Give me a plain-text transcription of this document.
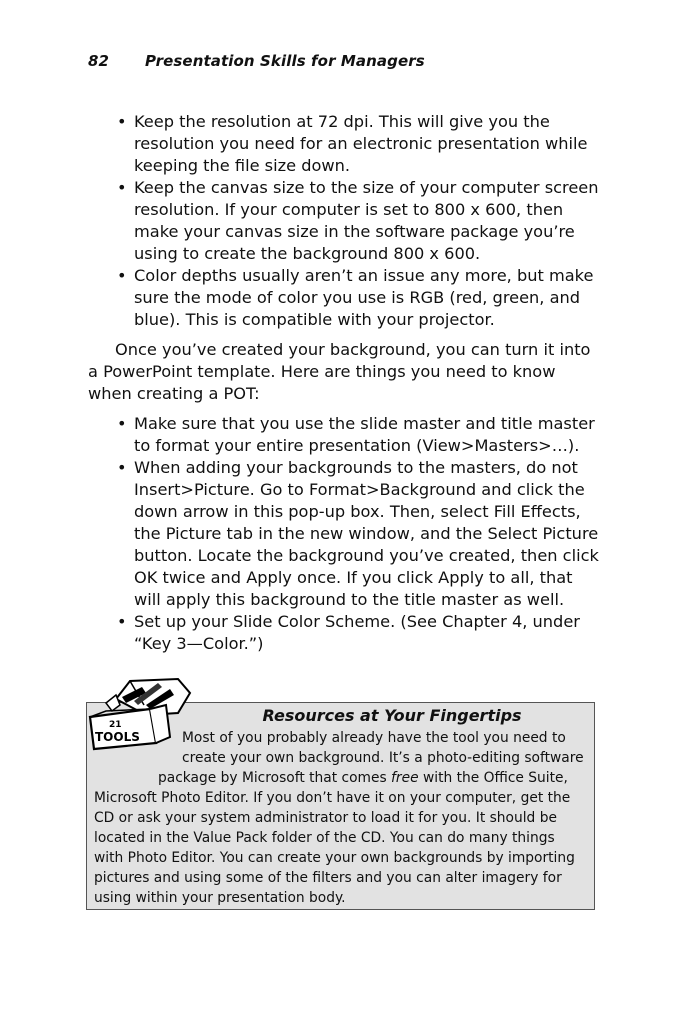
82 Presentation Skills for Managers
• Keep the resolution at 72 dpi. This will give you the resolution you need for an electronic presentation while keeping the file size down.
• Keep the canvas size to the size of your computer screen resolution. If your computer is set to 800 x 600, then make your canvas size in the software package you’re using to create the background 800 x 600.
• Color depths usually aren’t an issue any more, but make sure the mode of color you use is RGB (red, green, and blue). This is compatible with your projector.

Once you’ve created your background, you can turn it into a PowerPoint template. Here are things you need to know when creating a POT:

• Make sure that you use the slide master and title master to format your entire presentation (View>Masters>…).
• When adding your backgrounds to the masters, do not Insert>Picture. Go to Format>Background and click the down arrow in this pop-up box. Then, select Fill Effects, the Picture tab in the new window, and the Select Picture button. Locate the background you’ve created, then click OK twice and Apply once. If you click Apply to all, that will apply this background to the title master as well.
• Set up your Slide Color Scheme. (See Chapter 4, under “Key 3—Color.”)
21
TOOLS
Resources at Your Fingertips
Most of you probably already have the tool you need to create your own background. It’s a photo-editing software package by Microsoft that comes free with the Office Suite, Microsoft Photo Editor. If you don’t have it on your computer, get the CD or ask your system administrator to load it for you. It should be located in the Value Pack folder of the CD. You can do many things with Photo Editor. You can create your own backgrounds by importing pictures and using some of the filters and you can alter imagery for using within your presentation body.
